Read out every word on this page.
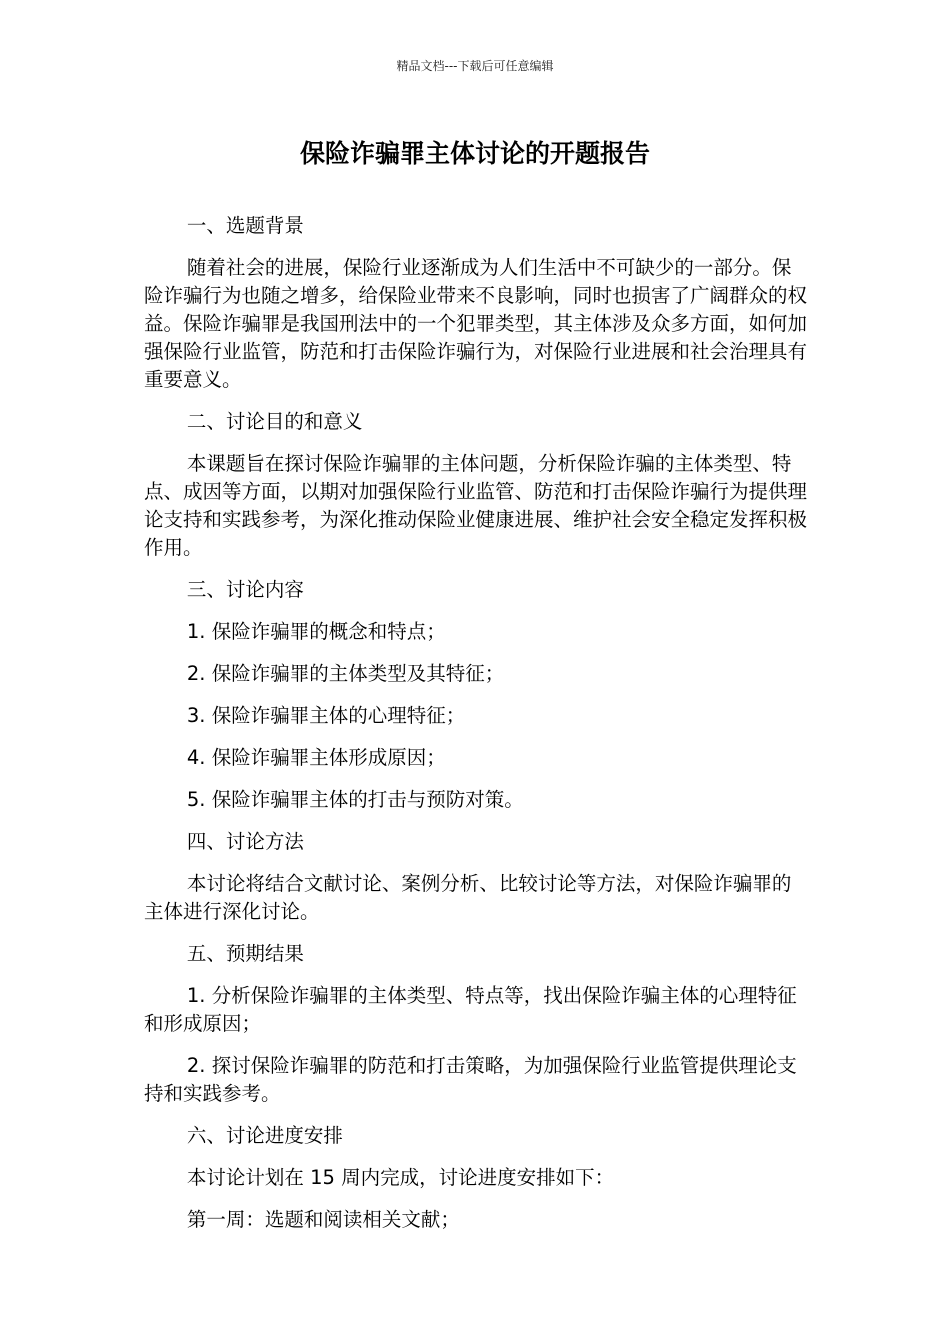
精品文档---下载后可任意编辑
保险诈骗罪主体讨论的开题报告

一、选题背景

随着社会的进展，保险行业逐渐成为人们生活中不可缺少的一部分。保险诈骗行为也随之增多，给保险业带来不良影响，同时也损害了广阔群众的权益。保险诈骗罪是我国刑法中的一个犯罪类型，其主体涉及众多方面，如何加强保险行业监管，防范和打击保险诈骗行为，对保险行业进展和社会治理具有重要意义。

二、讨论目的和意义

本课题旨在探讨保险诈骗罪的主体问题，分析保险诈骗的主体类型、特点、成因等方面，以期对加强保险行业监管、防范和打击保险诈骗行为提供理论支持和实践参考，为深化推动保险业健康进展、维护社会安全稳定发挥积极作用。

三、讨论内容

1. 保险诈骗罪的概念和特点；

2. 保险诈骗罪的主体类型及其特征；

3. 保险诈骗罪主体的心理特征；

4. 保险诈骗罪主体形成原因；

5. 保险诈骗罪主体的打击与预防对策。

四、讨论方法

本讨论将结合文献讨论、案例分析、比较讨论等方法，对保险诈骗罪的主体进行深化讨论。

五、预期结果

1. 分析保险诈骗罪的主体类型、特点等，找出保险诈骗主体的心理特征和形成原因；

2. 探讨保险诈骗罪的防范和打击策略，为加强保险行业监管提供理论支持和实践参考。

六、讨论进度安排

本讨论计划在 15 周内完成，讨论进度安排如下：

第一周：选题和阅读相关文献；
